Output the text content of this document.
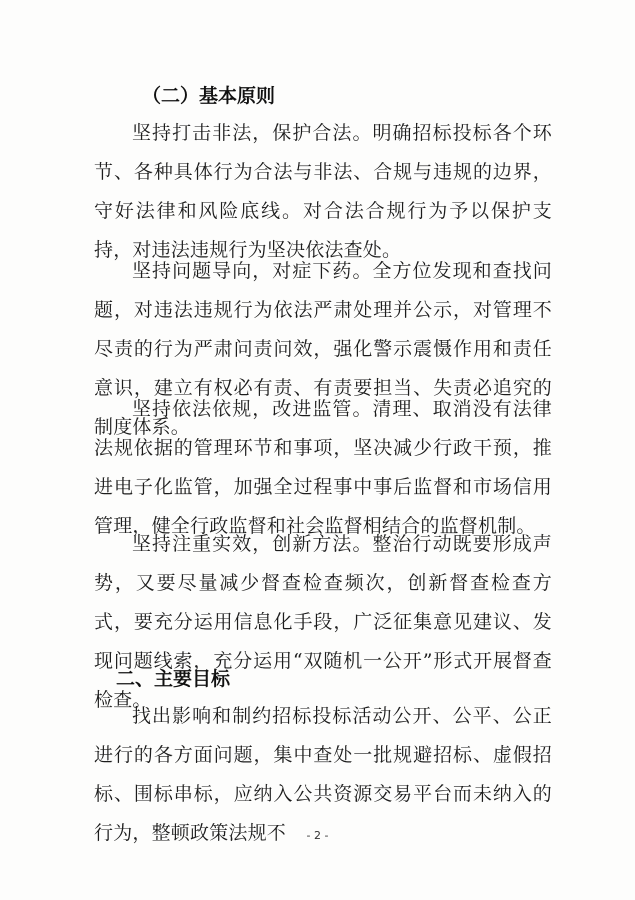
（二）基本原则

坚持打击非法，保护合法。明确招标投标各个环节、各种具体行为合法与非法、合规与违规的边界，守好法律和风险底线。对合法合规行为予以保护支持，对违法违规行为坚决依法查处。

坚持问题导向，对症下药。全方位发现和查找问题，对违法违规行为依法严肃处理并公示，对管理不尽责的行为严肃问责问效，强化警示震慑作用和责任意识，建立有权必有责、有责要担当、失责必追究的制度体系。

坚持依法依规，改进监管。清理、取消没有法律法规依据的管理环节和事项，坚决减少行政干预，推进电子化监管，加强全过程事中事后监督和市场信用管理，健全行政监督和社会监督相结合的监督机制。

坚持注重实效，创新方法。整治行动既要形成声势，又要尽量减少督查检查频次，创新督查检查方式，要充分运用信息化手段，广泛征集意见建议、发现问题线索，充分运用“双随机一公开”形式开展督查检查。

二、主要目标

找出影响和制约招标投标活动公开、公平、公正进行的各方面问题，集中查处一批规避招标、虚假招标、围标串标，应纳入公共资源交易平台而未纳入的行为，整顿政策法规不	- 2 -
